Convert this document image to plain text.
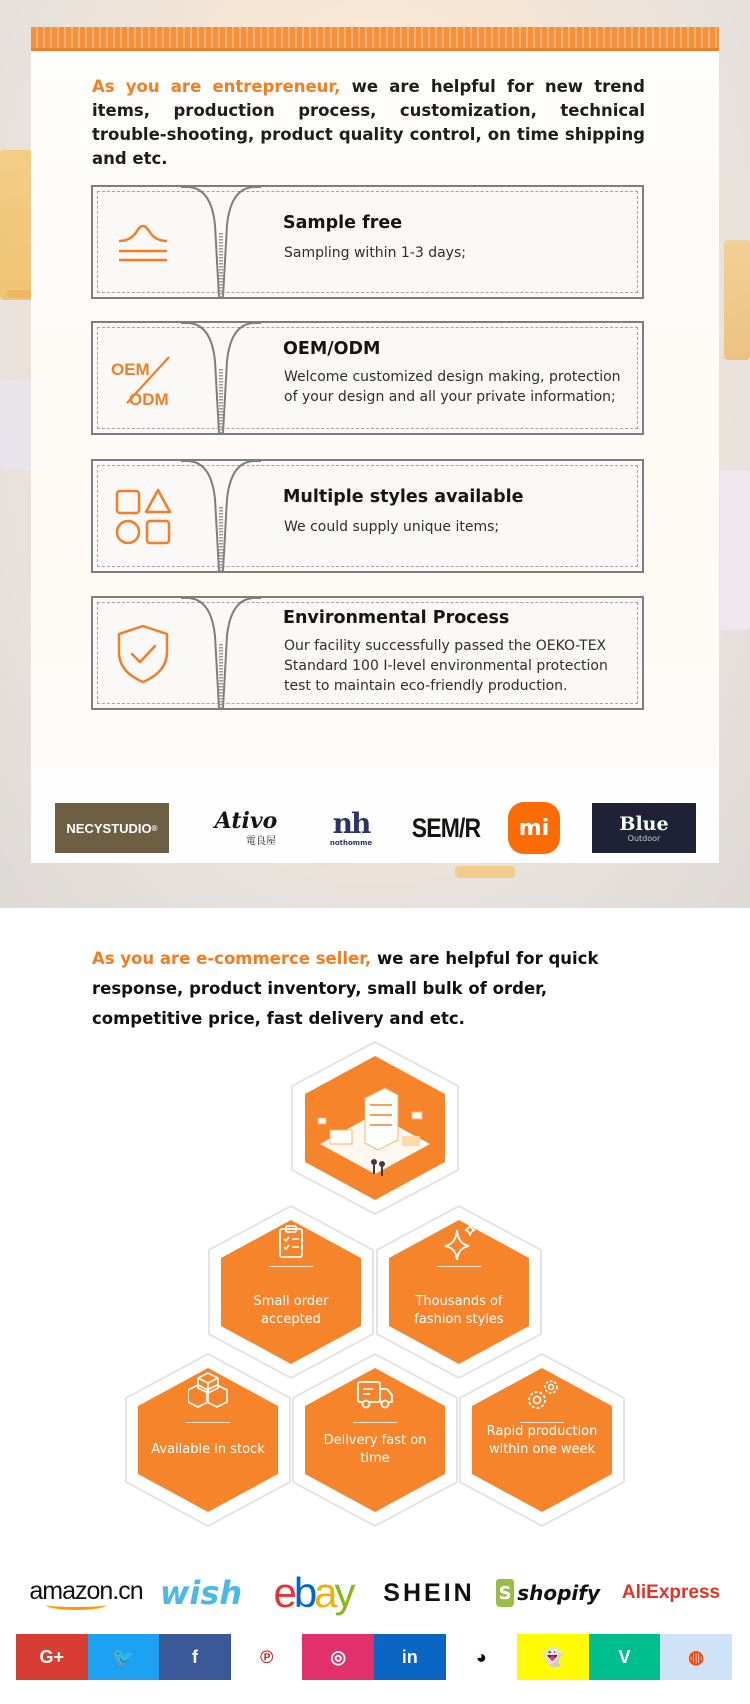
As you are entrepreneur, we are helpful for new trend items, production process, customization, technical trouble-shooting, product quality control, on time shipping and etc.

Sample free
Sampling within 1-3 days;
OEM
ODM
OEM/ODM
Welcome customized design making, protection of your design and all your private information;
Multiple styles available
We could supply unique items;
Environmental Process
Our facility successfully passed the OEKO-TEX Standard 100 I-level environmental protection test to maintain eco-friendly production.
NECYSTUDIO ®	Ativo
電良屋
nh
nothomme
SEM/R	mi	Blue
Outdoor

As you are e-commerce seller, we are helpful for quick response, product inventory, small bulk of order, competitive price, fast delivery and etc.

Small order accepted
Thousands of fashion styles
Available in stock
Delivery fast on time
Rapid production within one week
amazon.cn wish e b a y SHEIN S shopify	AliExpress
G+	🐦	f	℗	◎	in	◕	👻	V	◍
